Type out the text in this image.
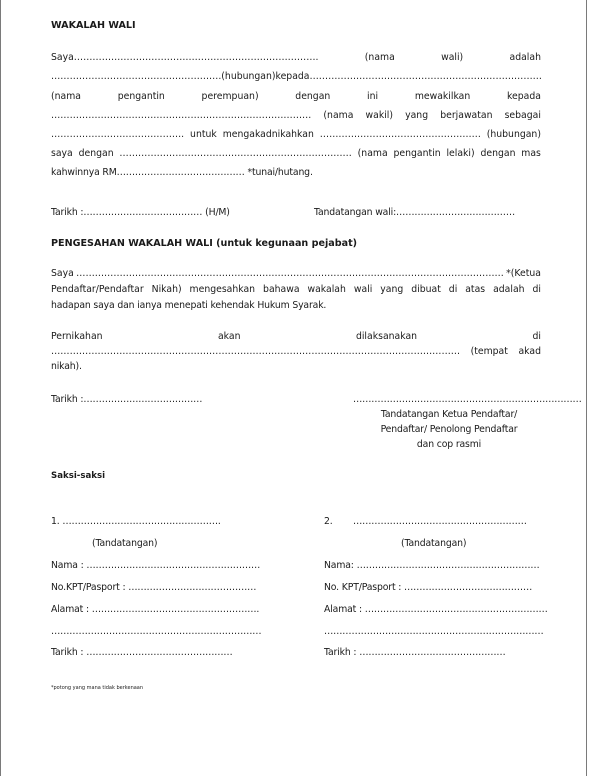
WAKALAH WALI
Saya…………………………………………………………………….	(nama	wali)	adalah
……………………………………………….(hubungan) kepada …………………………………………………………………
(nama	pengantin	perempuan)	dengan	ini	mewakilkan	kepada
………………………………………………………………………… (nama wakil) yang berjawatan sebagai
……………………………………. untuk mengakadnikahkan ……………………………………………. (hubungan)
saya dengan ………………………………………………………………… (nama pengantin lelaki) dengan mas
kahwinnya RM…………………………………… *tunai/hutang.
Tarikh :………………………………… (H/M)	Tandatangan wali:…………………………………
PENGESAHAN WAKALAH WALI (untuk kegunaan pejabat)
Saya ………………………………………………………………………………………………………………………… *(Ketua
Pendaftar/Pendaftar Nikah) mengesahkan bahawa wakalah wali yang dibuat di atas adalah di
hadapan saya dan ianya menepati kehendak Hukum Syarak.
Pernikahan	akan	dilaksanakan	di
…………………………………………………………………………………………………………………… (tempat akad
nikah).
Tarikh :…………………………………	…………………………………………………………………
Tandatangan Ketua Pendaftar/
Pendaftar/ Penolong Pendaftar
dan cop rasmi
Saksi-saksi
1. …………………………………………….	2. …………………………………………………
(Tandatangan)	(Tandatangan)
Nama : …………………………………………………	Nama: ……………………………………………………
No.KPT/Pasport : ……………………………………	No. KPT/Pasport : ……………………………………
Alamat : ……………………………………………….	Alamat : ……………………………………………………
……………………………………………………………	………………………………………………………………
Tarikh : …………………………………………	Tarikh : …………………………………………
*potong yang mana tidak berkenaan
